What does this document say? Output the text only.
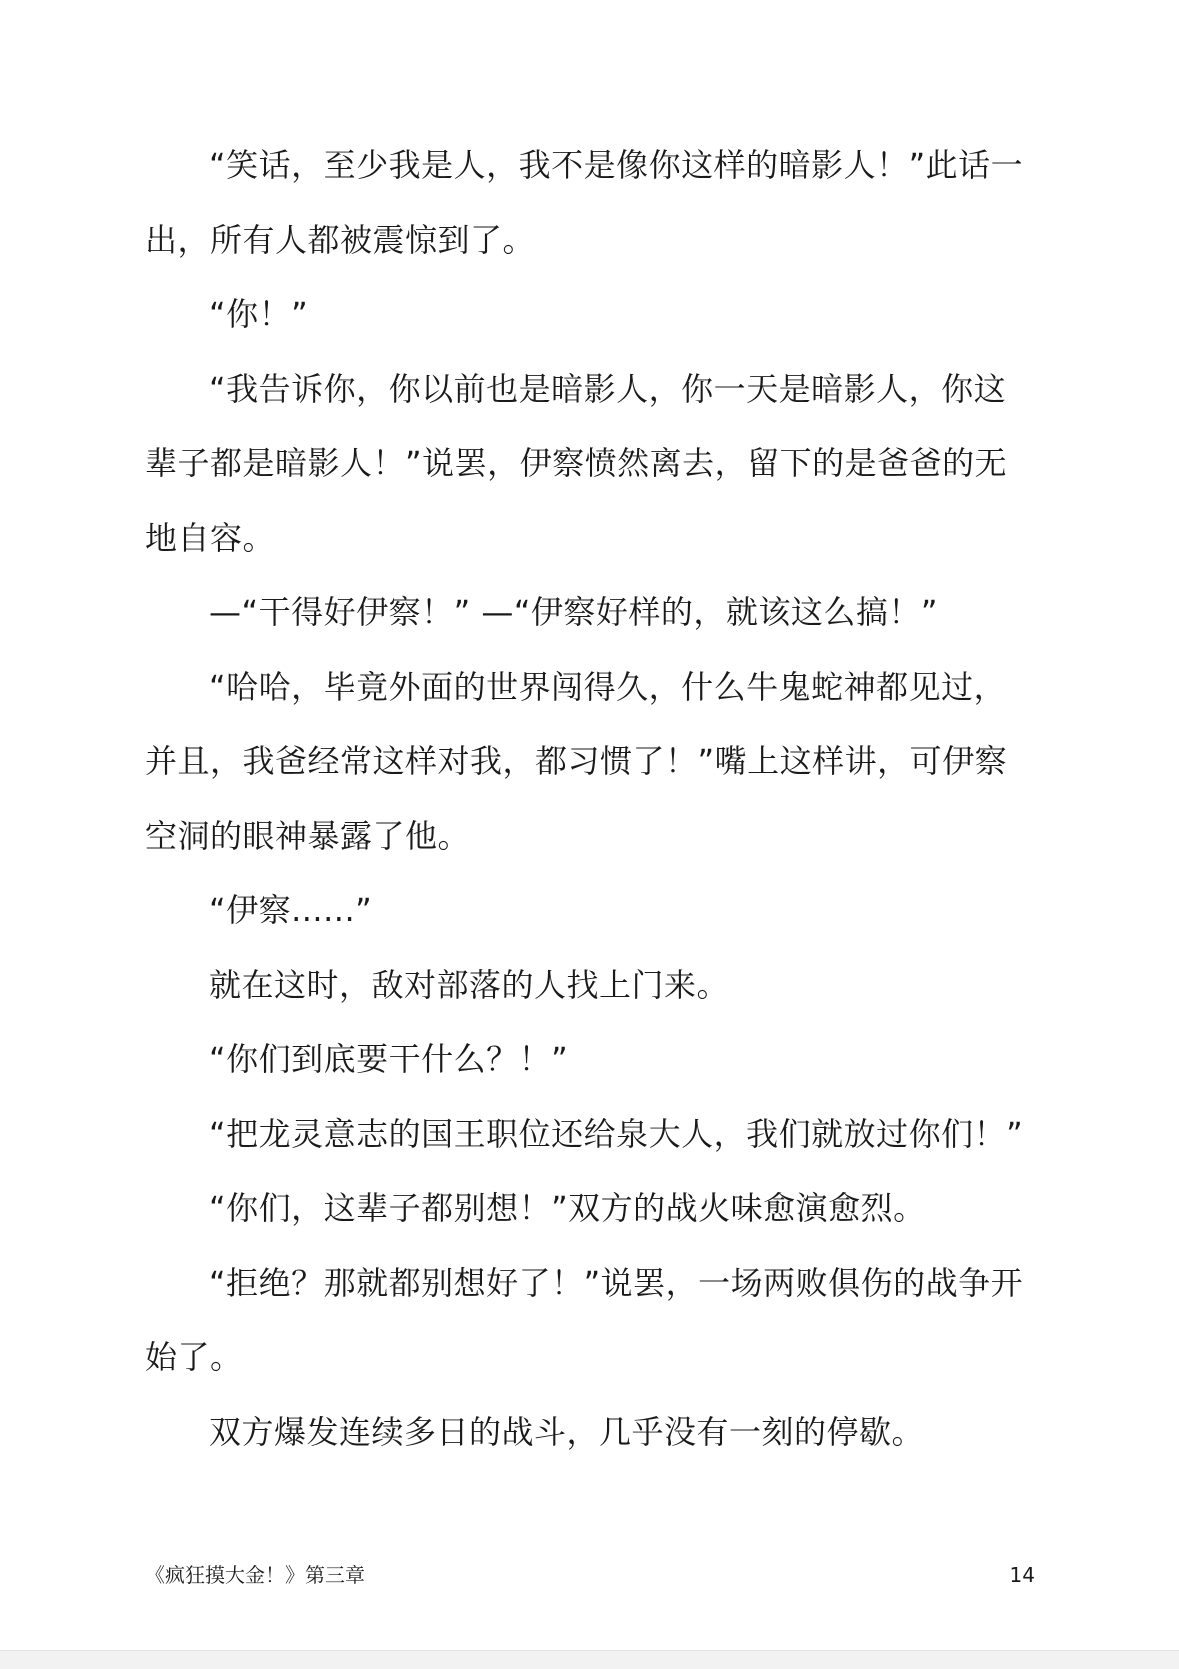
“笑话，至少我是人，我不是像你这样的暗影人！”此话一出，所有人都被震惊到了。

“你！”

“我告诉你，你以前也是暗影人，你一天是暗影人，你这辈子都是暗影人！”说罢，伊察愤然离去，留下的是爸爸的无地自容。

—“干得好伊察！” —“伊察好样的，就该这么搞！”

“哈哈，毕竟外面的世界闯得久，什么牛鬼蛇神都见过，并且，我爸经常这样对我，都习惯了！”嘴上这样讲，可伊察空洞的眼神暴露了他。

“伊察......”

就在这时，敌对部落的人找上门来。

“你们到底要干什么？！”

“把龙灵意志的国王职位还给泉大人，我们就放过你们！”

“你们，这辈子都别想！”双方的战火味愈演愈烈。

“拒绝？那就都别想好了！”说罢，一场两败俱伤的战争开始了。

双方爆发连续多日的战斗，几乎没有一刻的停歇。

《疯狂摸大金！》第三章	14
